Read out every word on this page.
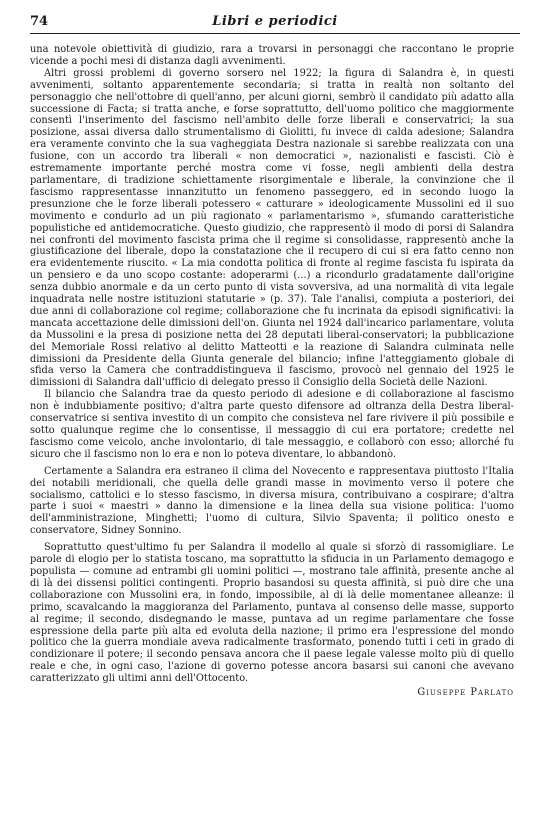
74	Libri e periodici

una notevole obiettività di giudizio, rara a trovarsi in personaggi che raccontano le proprie vicende a pochi mesi di distanza dagli avvenimenti.

Altri grossi problemi di governo sorsero nel 1922; la figura di Salandra è, in questi avvenimenti, soltanto apparentemente secondaria; si tratta in realtà non soltanto del personaggio che nell'ottobre di quell'anno, per alcuni giorni, sembrò il candidato più adatto alla successione di Facta; si tratta anche, e forse soprattutto, dell'uomo politico che maggiormente consentì l'inserimento del fascismo nell'ambito delle forze liberali e conservatrici; la sua posizione, assai diversa dallo strumentalismo di Giolitti, fu invece di calda adesione; Salandra era veramente convinto che la sua vagheggiata Destra nazionale si sarebbe realizzata con una fusione, con un accordo tra liberali « non democratici », nazionalisti e fascisti. Ciò è estremamente importante perché mostra come vi fosse, negli ambienti della destra parlamentare, di tradizione schiettamente risorgimentale e liberale, la convinzione che il fascismo rappresentasse innanzitutto un fenomeno passeggero, ed in secondo luogo la presunzione che le forze liberali potessero « catturare » ideologicamente Mussolini ed il suo movimento e condurlo ad un più ragionato « parlamentarismo », sfumando caratteristiche populistiche ed antidemocratiche. Questo giudizio, che rappresentò il modo di porsi di Salandra nei confronti del movimento fascista prima che il regime si consolidasse, rappresentò anche la giustificazione del liberale, dopo la constatazione che il recupero di cui si era fatto cenno non era evidentemente riuscito. « La mia condotta politica di fronte al regime fascista fu ispirata da un pensiero e da uno scopo costante: adoperarmi (...) a ricondurlo gradatamente dall'origine senza dubbio anormale e da un certo punto di vista sovversiva, ad una normalità di vita legale inquadrata nelle nostre istituzioni statutarie » (p. 37). Tale l'analisi, compiuta a posteriori, dei due anni di collaborazione col regime; collaborazione che fu incrinata da episodi significativi: la mancata accettazione delle dimissioni dell'on. Giunta nel 1924 dall'incarico parlamentare, voluta da Mussolini e la presa di posizione netta dei 28 deputati liberal-conservatori; la pubblicazione del Memoriale Rossi relativo al delitto Matteotti e la reazione di Salandra culminata nelle dimissioni da Presidente della Giunta generale del bilancio; infine l'atteggiamento globale di sfida verso la Camera che contraddistingueva il fascismo, provocò nel gennaio del 1925 le dimissioni di Salandra dall'ufficio di delegato presso il Consiglio della Società delle Nazioni.

Il bilancio che Salandra trae da questo periodo di adesione e di collaborazione al fascismo non è indubbiamente positivo; d'altra parte questo difensore ad oltranza della Destra liberal-conservatrice si sentiva investito di un compito che consisteva nel fare rivivere il più possibile e sotto qualunque regime che lo consentisse, il messaggio di cui era portatore; credette nel fascismo come veicolo, anche involontario, di tale messaggio, e collaborò con esso; allorché fu sicuro che il fascismo non lo era e non lo poteva diventare, lo abbandonò.

Certamente a Salandra era estraneo il clima del Novecento e rappresentava piuttosto l'Italia dei notabili meridionali, che quella delle grandi masse in movimento verso il potere che socialismo, cattolici e lo stesso fascismo, in diversa misura, contribuivano a cospirare; d'altra parte i suoi « maestri » danno la dimensione e la linea della sua visione politica: l'uomo dell'amministrazione, Minghetti; l'uomo di cultura, Silvio Spaventa; il politico onesto e conservatore, Sidney Sonnino.

Soprattutto quest'ultimo fu per Salandra il modello al quale si sforzò di rassomigliare. Le parole di elogio per lo statista toscano, ma soprattutto la sfiducia in un Parlamento demagogo e populista — comune ad entrambi gli uomini politici —, mostrano tale affinità, presente anche al di là dei dissensi politici contingenti. Proprio basandosi su questa affinità, si può dire che una collaborazione con Mussolini era, in fondo, impossibile, al di là delle momentanee alleanze: il primo, scavalcando la maggioranza del Parlamento, puntava al consenso delle masse, supporto al regime; il secondo, disdegnando le masse, puntava ad un regime parlamentare che fosse espressione della parte più alta ed evoluta della nazione; il primo era l'espressione del mondo politico che la guerra mondiale aveva radicalmente trasformato, ponendo tutti i ceti in grado di condizionare il potere; il secondo pensava ancora che il paese legale valesse molto più di quello reale e che, in ogni caso, l'azione di governo potesse ancora basarsi sui canoni che avevano caratterizzato gli ultimi anni dell'Ottocento.

Giuseppe Parlato
